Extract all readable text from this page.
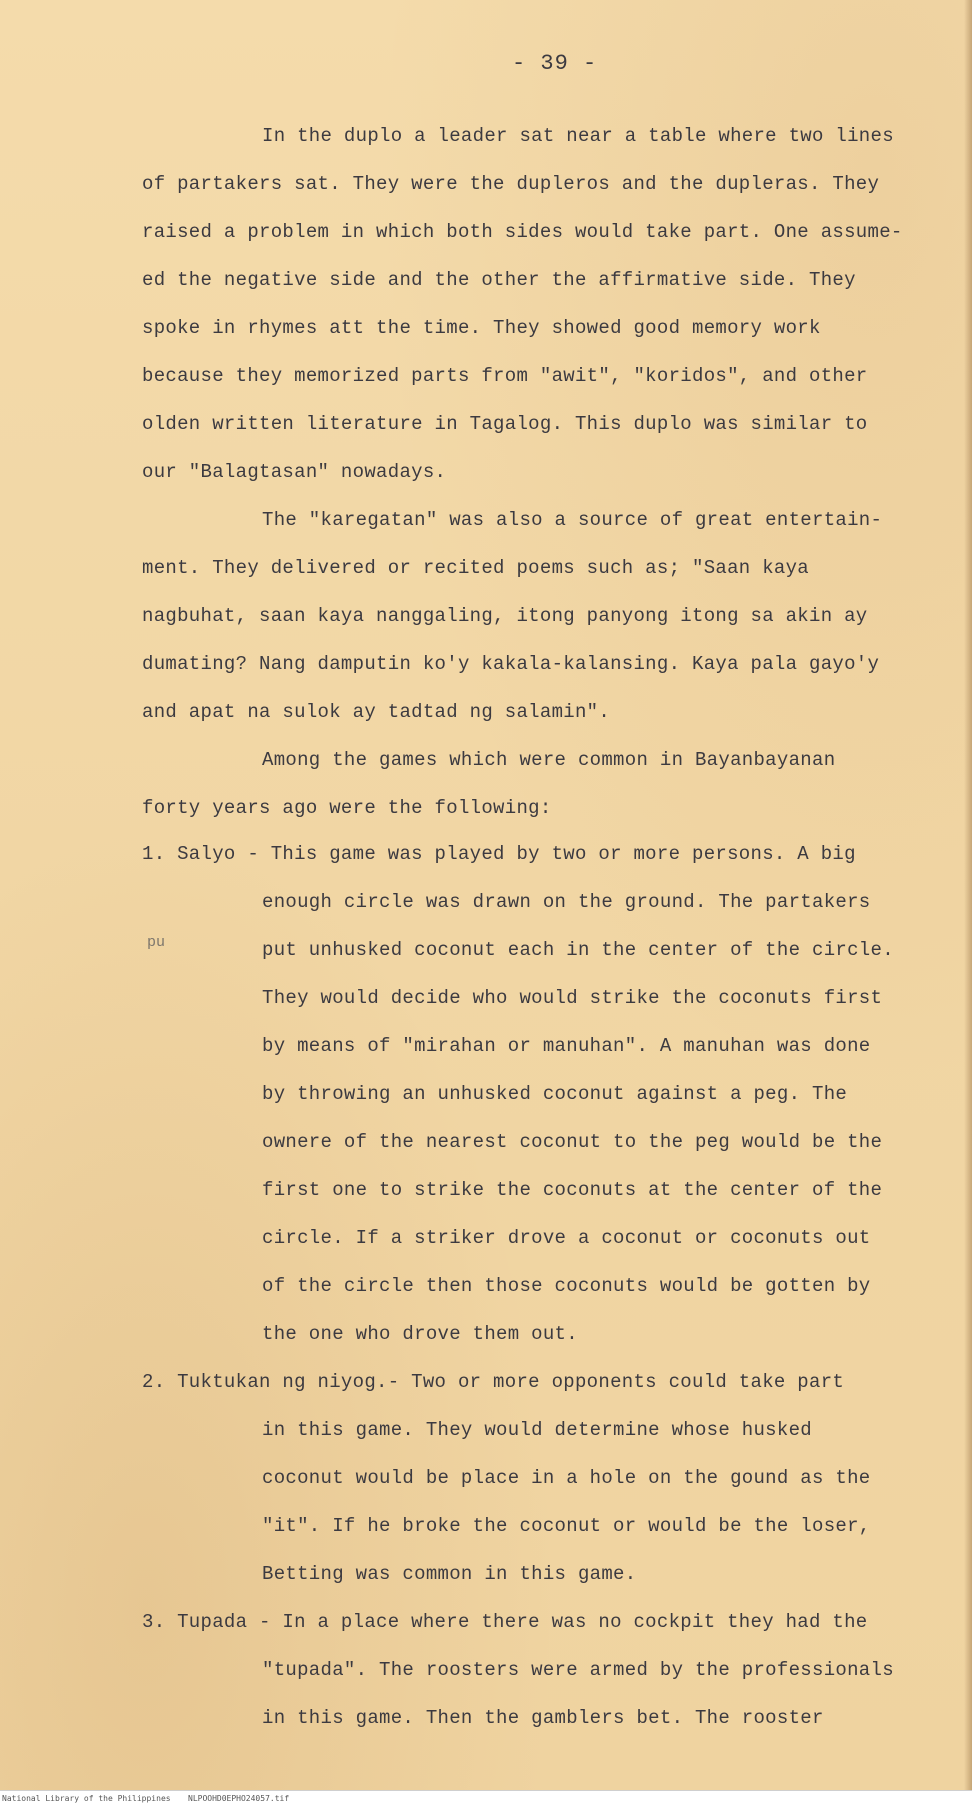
- 39 -
In the duplo a leader sat near a table where two lines
of partakers sat. They were the dupleros and the dupleras. They
raised a problem in which both sides would take part. One assume-
ed the negative side and the other the affirmative side. They
spoke in rhymes att the time. They showed good memory work
because they memorized parts from "awit", "koridos", and other
olden written literature in Tagalog. This duplo was similar to
our "Balagtasan" nowadays.
The "karegatan" was also a source of great entertain-
ment. They delivered or recited poems such as; "Saan kaya
nagbuhat, saan kaya nanggaling, itong panyong itong sa akin ay
dumating? Nang damputin ko'y kakala-kalansing. Kaya pala gayo'y
and apat na sulok ay tadtad ng salamin".
Among the games which were common in Bayanbayanan
forty years ago were the following:
pu
1. Salyo - This game was played by two or more persons. A big
enough circle was drawn on the ground. The partakers
put unhusked coconut each in the center of the circle.
They would decide who would strike the coconuts first
by means of "mirahan or manuhan". A manuhan was done
by throwing an unhusked coconut against a peg. The
ownere of the nearest coconut to the peg would be the
first one to strike the coconuts at the center of the
circle. If a striker drove a coconut or coconuts out
of the circle then those coconuts would be gotten by
the one who drove them out.
2. Tuktukan ng niyog.- Two or more opponents could take part
in this game. They would determine whose husked
coconut would be place in a hole on the gound as the
"it". If he broke the coconut or would be the loser,
Betting was common in this game.
3. Tupada - In a place where there was no cockpit they had the
"tupada". The roosters were armed by the professionals
in this game. Then the gamblers bet. The rooster
National Library of the Philippines NLPOOHD0EPHO24057.tif
